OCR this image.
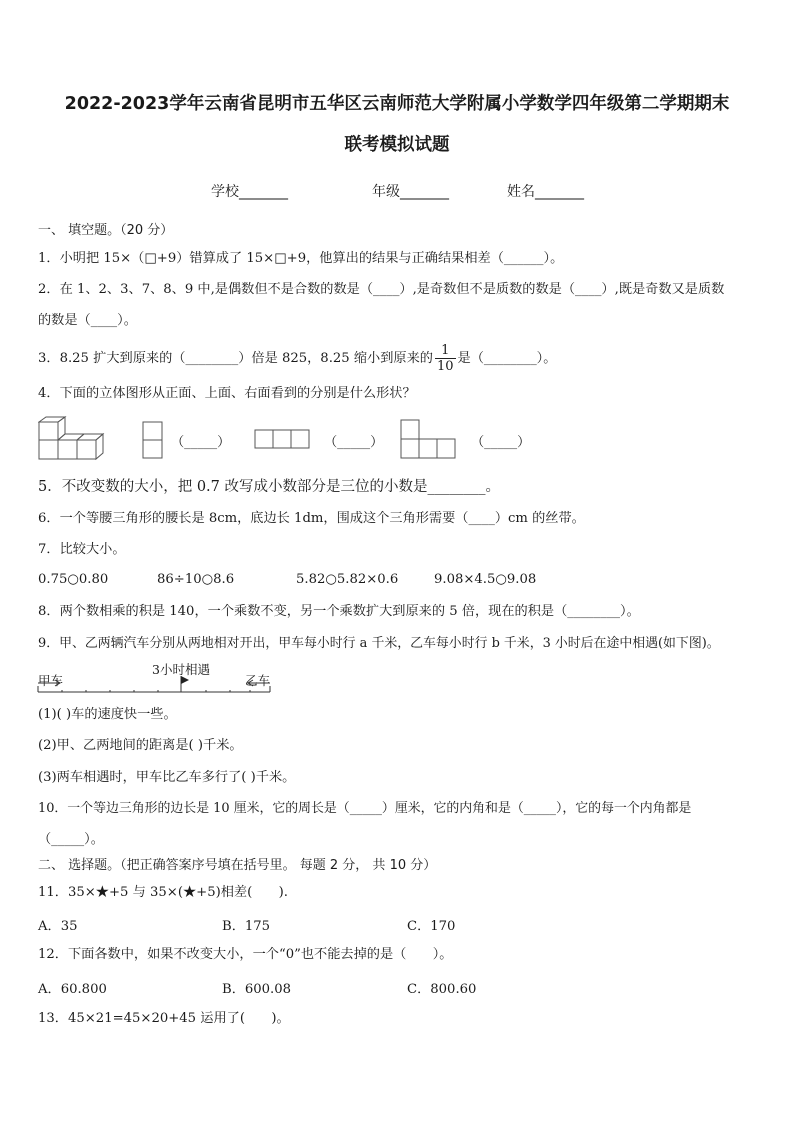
2022-2023学年云南省昆明市五华区云南师范大学附属小学数学四年级第二学期期末
联考模拟试题
学校_______	年级_______	姓名_______
一、 填空题。（20 分）
1．小明把 15×（□+9）错算成了 15×□+9，他算出的结果与正确结果相差（______）。
2．在 1、2、3、7、8、9 中,是偶数但不是合数的数是（____）,是奇数但不是质数的数是（____）,既是奇数又是质数
的数是（____）。
3．8.25 扩大到原来的（________）倍是 825，8.25 缩小到原来的 $\frac{1}{10}$ 是（________）。
4．下面的立体图形从正面、上面、右面看到的分别是什么形状？
（_____）	（_____）	（_____）
5．不改变数的大小，把 0.7 改写成小数部分是三位的小数是________。
6．一个等腰三角形的腰长是 8cm，底边长 1dm，围成这个三角形需要（____）cm 的丝带。
7．比较大小。
0.75○0.80	86÷10○8.6	5.82○5.82×0.6	9.08×4.5○9.08
8．两个数相乘的积是 140，一个乘数不变，另一个乘数扩大到原来的 5 倍，现在的积是（________）。
9．甲、乙两辆汽车分别从两地相对开出，甲车每小时行 a 千米，乙车每小时行 b 千米，3 小时后在途中相遇(如下图)。
甲车
3小时相遇
乙车
(1)( )车的速度快一些。
(2)甲、乙两地间的距离是( )千米。
(3)两车相遇时，甲车比乙车多行了( )千米。
10．一个等边三角形的边长是 10 厘米，它的周长是（_____）厘米，它的内角和是（_____），它的每一个内角都是
（_____）。
二、 选择题。（把正确答案序号填在括号里。 每题 2 分， 共 10 分）
11．35×★+5 与 35×(★+5)相差(　　).
A．35	B．175	C．170
12．下面各数中，如果不改变大小，一个“0”也不能去掉的是（　　）。
A．60.800	B．600.08	C．800.60
13．45×21=45×20+45 运用了(　　)。
